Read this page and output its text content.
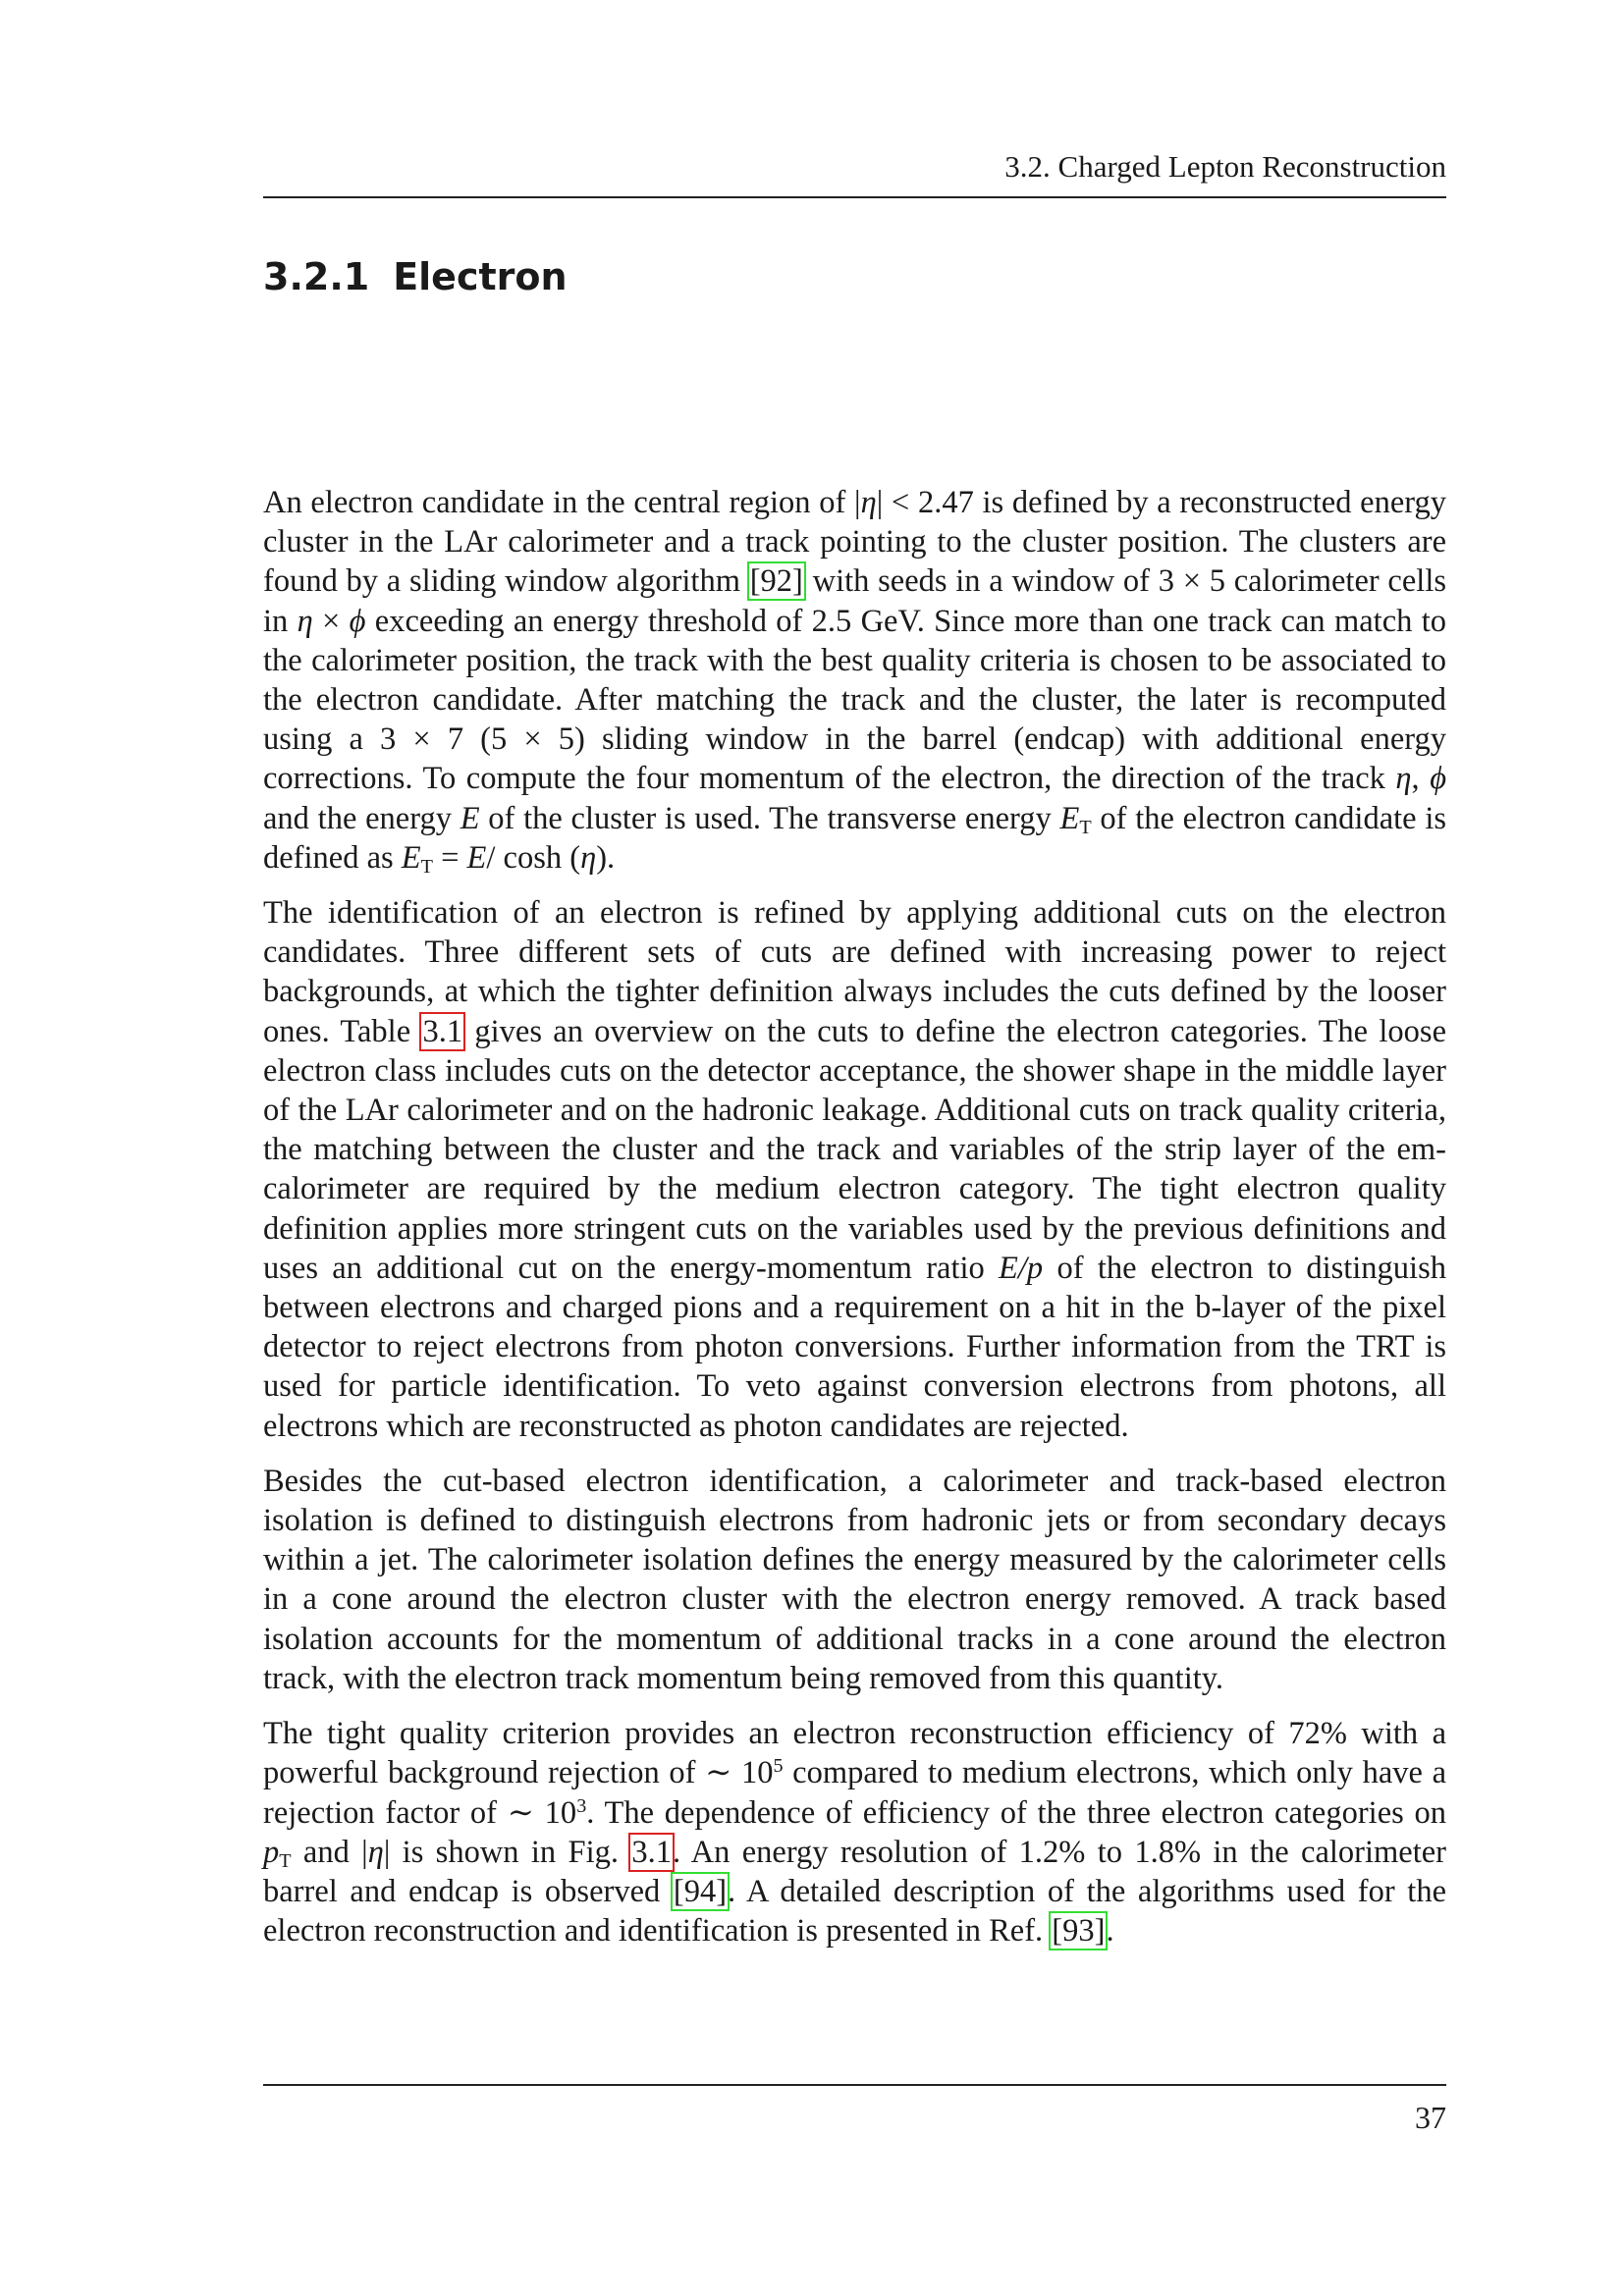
3.2. Charged Lepton Reconstruction
3.2.1 Electron

An electron candidate in the central region of |η| < 2.47 is defined by a reconstructed energy cluster in the LAr calorimeter and a track pointing to the cluster position. The clusters are found by a sliding window algorithm [92] with seeds in a window of 3 × 5 calorimeter cells in η × ϕ exceeding an energy threshold of 2.5 GeV. Since more than one track can match to the calorimeter position, the track with the best quality criteria is chosen to be associated to the electron candidate. After matching the track and the cluster, the later is recomputed using a 3 × 7 (5 × 5) sliding window in the barrel (endcap) with additional energy corrections. To compute the four momentum of the electron, the direction of the track η, ϕ and the energy E of the cluster is used. The transverse energy $E_T$ of the electron candidate is defined as $E_T = E/$ cosh (η).

The identification of an electron is refined by applying additional cuts on the electron candidates. Three different sets of cuts are defined with increasing power to reject backgrounds, at which the tighter definition always includes the cuts defined by the looser ones. Table 3.1 gives an overview on the cuts to define the electron categories. The loose electron class includes cuts on the detector acceptance, the shower shape in the middle layer of the LAr calorimeter and on the hadronic leakage. Additional cuts on track quality criteria, the matching between the cluster and the track and variables of the strip layer of the em-calorimeter are required by the medium electron category. The tight electron quality definition applies more stringent cuts on the variables used by the previous definitions and uses an additional cut on the energy-momentum ratio E/p of the electron to distinguish between electrons and charged pions and a requirement on a hit in the b-layer of the pixel detector to reject electrons from photon conversions. Further information from the TRT is used for particle identification. To veto against conversion electrons from photons, all electrons which are reconstructed as photon candidates are rejected.

Besides the cut-based electron identification, a calorimeter and track-based electron isolation is defined to distinguish electrons from hadronic jets or from secondary decays within a jet. The calorimeter isolation defines the energy measured by the calorimeter cells in a cone around the electron cluster with the electron energy removed. A track based isolation accounts for the momentum of additional tracks in a cone around the electron track, with the electron track momentum being removed from this quantity.

The tight quality criterion provides an electron reconstruction efficiency of 72% with a powerful background rejection of ∼ $10^5$ compared to medium electrons, which only have a rejection factor of ∼ $10^3$. The dependence of efficiency of the three electron categories on $p_T$ and |η| is shown in Fig. 3.1. An energy resolution of 1.2% to 1.8% in the calorimeter barrel and endcap is observed [94]. A detailed description of the algorithms used for the electron reconstruction and identification is presented in Ref. [93].

37
